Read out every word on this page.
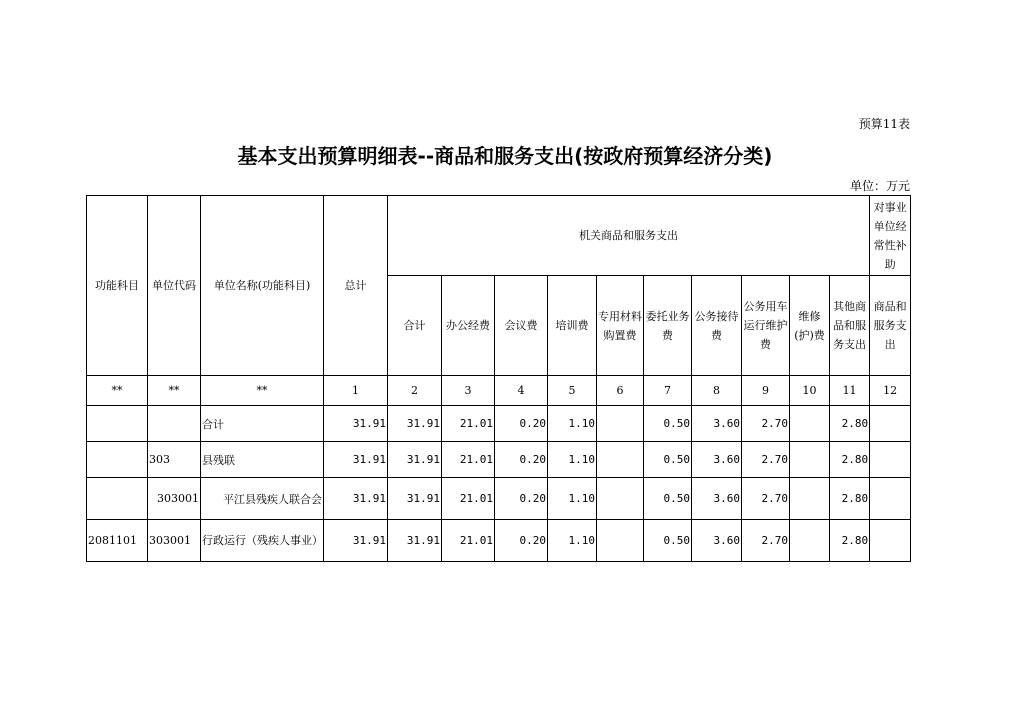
预算11表
基本支出预算明细表--商品和服务支出(按政府预算经济分类)
单位：万元
功能科目	单位代码	单位名称(功能科目)	总计	机关商品和服务支出										对事业单位经常性补助
				合计	办公经费	会议费	培训费	专用材料购置费	委托业务费	公务接待费	公务用车运行维护费	维修(护)费	其他商品和服务支出	商品和服务支出
**	**	**	1	2	3	4	5	6	7	8	9	10	11	12
		合计	31.91	31.91	21.01	0.20	1.10		0.50	3.60	2.70		2.80	
	303	县残联	31.91	31.91	21.01	0.20	1.10		0.50	3.60	2.70		2.80	
	303001	平江县残疾人联合会	31.91	31.91	21.01	0.20	1.10		0.50	3.60	2.70		2.80	
2081101	303001	行政运行（残疾人事业）	31.91	31.91	21.01	0.20	1.10		0.50	3.60	2.70		2.80	
